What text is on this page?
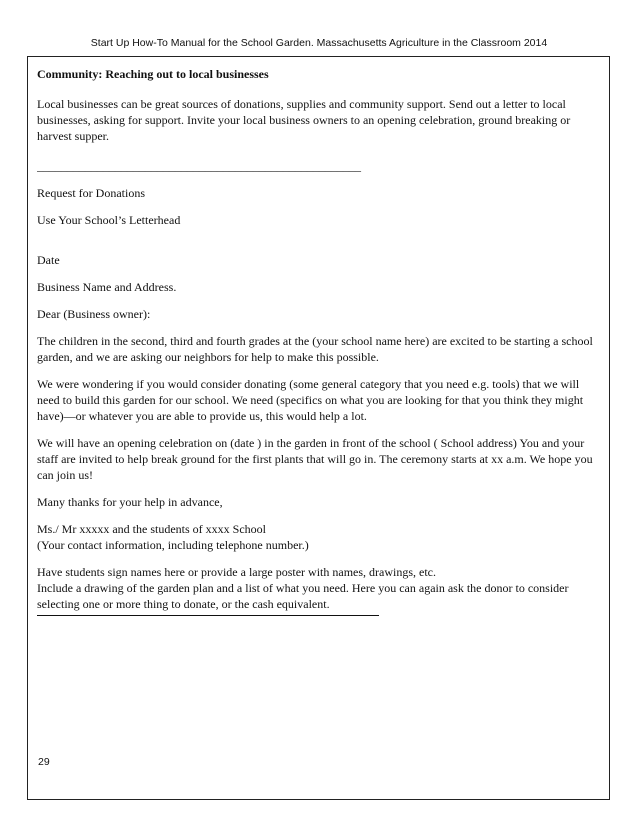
Start Up How-To Manual for the School Garden. Massachusetts Agriculture in the Classroom 2014

Community: Reaching out to local businesses

Local businesses can be great sources of donations, supplies and community support. Send out a letter to local businesses, asking for support. Invite your local business owners to an opening celebration, ground breaking or harvest supper.

______________________________________________________

Request for Donations

Use Your School’s Letterhead

Date

Business Name and Address.

Dear (Business owner):

The children in the second, third and fourth grades at the (your school name here) are excited to be starting a school garden, and we are asking our neighbors for help to make this possible.

We were wondering if you would consider donating (some general category that you need e.g. tools) that we will need to build this garden for our school. We need (specifics on what you are looking for that you think they might have)—or whatever you are able to provide us, this would help a lot.

We will have an opening celebration on (date ) in the garden in front of the school ( School address) You and your staff are invited to help break ground for the first plants that will go in. The ceremony starts at xx a.m. We hope you can join us!

Many thanks for your help in advance,

Ms./ Mr xxxxx and the students of xxxx School

(Your contact information, including telephone number.)

Have students sign names here or provide a large poster with names, drawings, etc.

Include a drawing of the garden plan and a list of what you need. Here you can again ask the donor to consider selecting one or more thing to donate, or the cash equivalent.

29
